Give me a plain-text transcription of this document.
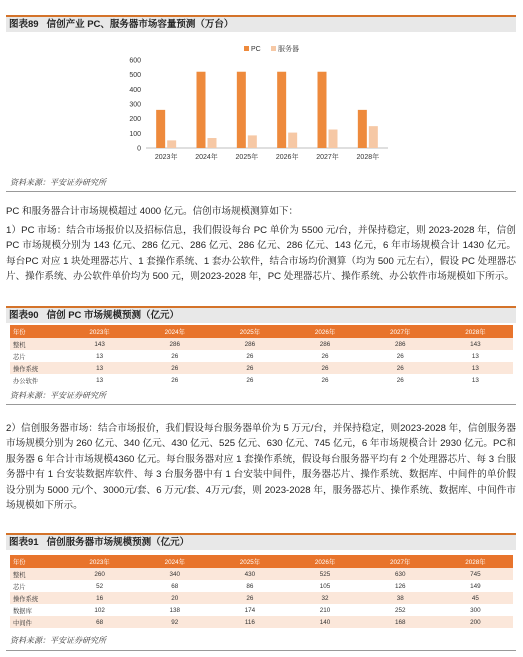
图表89 信创产业 PC、服务器市场容量预测（万台）
0
100
200
300
400
500
600
2023年	2024年	2025年	2026年	2027年	2028年
PC 服务器
资料来源：平安证券研究所
PC 和服务器合计市场规模超过 4000 亿元。信创市场规模测算如下：
1）PC 市场：结合市场报价以及招标信息，我们假设每台 PC 单价为 5500 元/台，并保持稳定，则 2023-2028 年，信创PC 市场规模分别为 143 亿元、286 亿元、286 亿元、286 亿元、286 亿元、143 亿元，6 年市场规模合计 1430 亿元。每台PC 对应 1 块处理器芯片、1 套操作系统、1 套办公软件，结合市场均价测算（均为 500 元左右），假设 PC 处理器芯片、操作系统、办公软件单价均为 500 元，则2023-2028 年，PC 处理器芯片、操作系统、办公软件市场规模如下所示。
图表90 信创 PC 市场规模预测（亿元）
年份	2023年	2024年	2025年	2026年	2027年	2028年
整机	143	286	286	286	286	143
芯片	13	26	26	26	26	13
操作系统	13	26	26	26	26	13
办公软件	13	26	26	26	26	13
资料来源：平安证券研究所
2）信创服务器市场：结合市场报价，我们假设每台服务器单价为 5 万元/台，并保持稳定，则2023-2028 年，信创服务器市场规模分别为 260 亿元、340 亿元、430 亿元、525 亿元、630 亿元、745 亿元，6 年市场规模合计 2930 亿元。PC和服务器 6 年合计市场规模4360 亿元。每台服务器对应 1 套操作系统，假设每台服务器平均有 2 个处理器芯片、每 3 台服务器中有 1 台安装数据库软件、每 3 台服务器中有 1 台安装中间件，服务器芯片、操作系统、数据库、中间件的单价假设分别为 5000 元/个、3000元/套、6 万元/套、4万元/套，则 2023-2028 年，服务器芯片、操作系统、数据库、中间件市场规模如下所示。
图表91 信创服务器市场规模预测（亿元）
年份	2023年	2024年	2025年	2026年	2027年	2028年
整机	260	340	430	525	630	745
芯片	52	68	86	105	126	149
操作系统	16	20	26	32	38	45
数据库	102	138	174	210	252	300
中间件	68	92	116	140	168	200
资料来源：平安证券研究所
